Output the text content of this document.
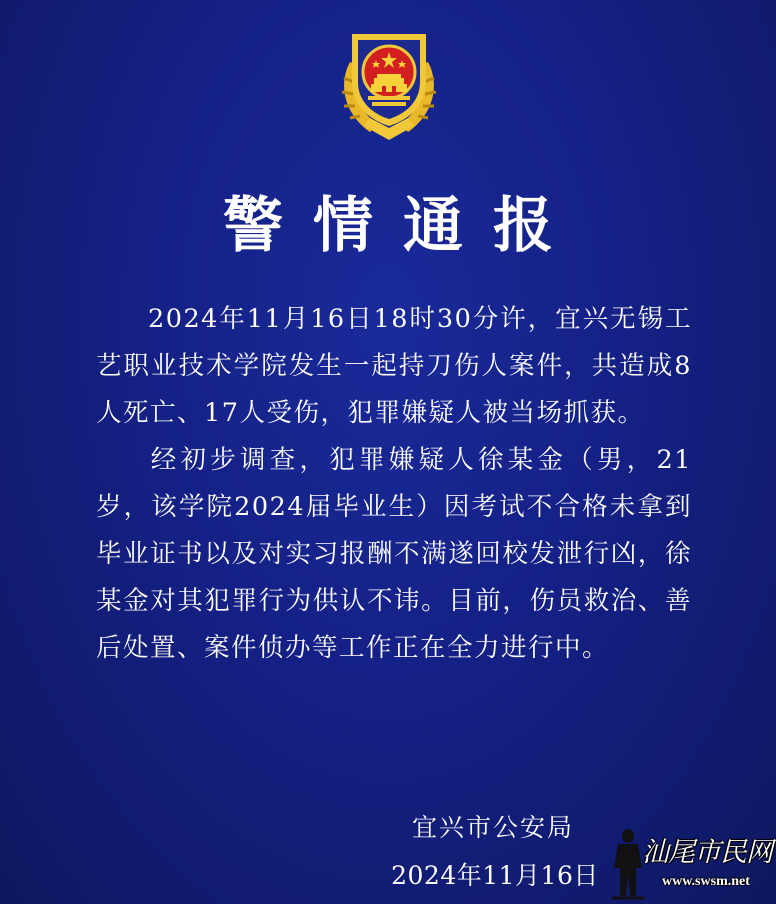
警情通报

2024年11月16日18时30分许，宜兴无锡工艺职业技术学院发生一起持刀伤人案件，共造成8人死亡、17人受伤，犯罪嫌疑人被当场抓获。

经初步调查，犯罪嫌疑人徐某金（男，21岁，该学院2024届毕业生）因考试不合格未拿到毕业证书以及对实习报酬不满遂回校发泄行凶，徐某金对其犯罪行为供认不讳。目前，伤员救治、善后处置、案件侦办等工作正在全力进行中。

宜兴市公安局
2024年11月16日
汕尾市民网
www.swsm.net
